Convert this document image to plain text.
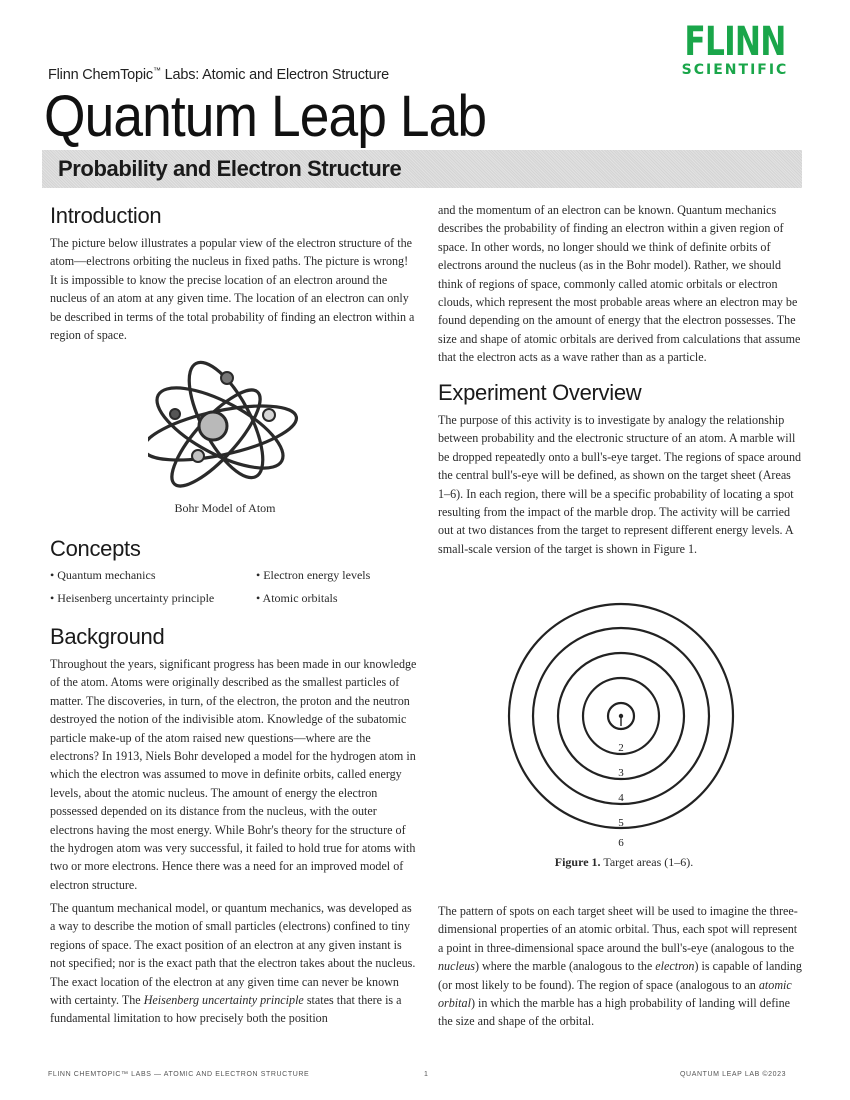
FLINN
SCIENTIFIC
Flinn ChemTopic™ Labs: Atomic and Electron Structure
Quantum Leap Lab
Probability and Electron Structure
Introduction
The picture below illustrates a popular view of the electron structure of the atom—electrons orbiting the nucleus in fixed paths. The picture is wrong! It is impossible to know the precise location of an electron around the nucleus of an atom at any given time. The location of an electron can only be described in terms of the total probability of finding an electron within a region of space.
Bohr Model of Atom
Concepts
• Quantum mechanics	• Electron energy levels
• Heisenberg uncertainty principle	• Atomic orbitals
Background
Throughout the years, significant progress has been made in our knowledge of the atom. Atoms were originally described as the smallest particles of matter. The discoveries, in turn, of the electron, the proton and the neutron destroyed the notion of the indivisible atom. Knowledge of the subatomic particle make-up of the atom raised new questions—where are the electrons? In 1913, Niels Bohr developed a model for the hydrogen atom in which the electron was assumed to move in definite orbits, called energy levels, about the atomic nucleus. The amount of energy the electron possessed depended on its distance from the nucleus, with the outer electrons having the most energy. While Bohr's theory for the structure of the hydrogen atom was very successful, it failed to hold true for atoms with two or more electrons. Hence there was a need for an improved model of electron structure.
The quantum mechanical model, or quantum mechanics, was developed as a way to describe the motion of small particles (electrons) confined to tiny regions of space. The exact position of an electron at any given instant is not specified; nor is the exact path that the electron takes about the nucleus. The exact location of the electron at any given time can never be known with certainty. The Heisenberg uncertainty principle states that there is a fundamental limitation to how precisely both the position
and the momentum of an electron can be known. Quantum mechanics describes the probability of finding an electron within a given region of space. In other words, no longer should we think of definite orbits of electrons around the nucleus (as in the Bohr model). Rather, we should think of regions of space, commonly called atomic orbitals or electron clouds, which represent the most probable areas where an electron may be found depending on the amount of energy that the electron possesses. The size and shape of atomic orbitals are derived from calculations that assume that the electron acts as a wave rather than as a particle.
Experiment Overview
The purpose of this activity is to investigate by analogy the relationship between probability and the electronic structure of an atom. A marble will be dropped repeatedly onto a bull's-eye target. The regions of space around the central bull's-eye will be defined, as shown on the target sheet (Areas 1–6). In each region, there will be a specific probability of locating a spot resulting from the impact of the marble drop. The activity will be carried out at two distances from the target to represent different energy levels. A small-scale version of the target is shown in Figure 1.
2
3
4
5
6
Figure 1. Target areas (1–6).
The pattern of spots on each target sheet will be used to imagine the three-dimensional properties of an atomic orbital. Thus, each spot will represent a point in three-dimensional space around the bull's-eye (analogous to the nucleus) where the marble (analogous to the electron) is capable of landing (or most likely to be found). The region of space (analogous to an atomic orbital) in which the marble has a high probability of landing will define the size and shape of the orbital.
FLINN CHEMTOPIC™ LABS — ATOMIC AND ELECTRON STRUCTURE	1	QUANTUM LEAP LAB ©2023
